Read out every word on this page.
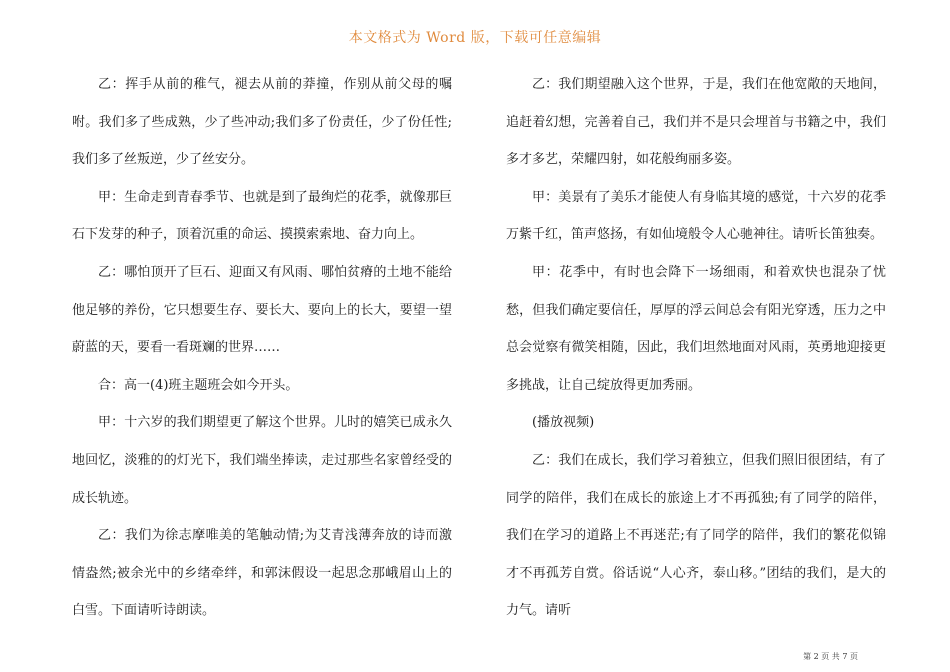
本文格式为 Word 版，下载可任意编辑

乙：挥手从前的稚气，褪去从前的莽撞，作别从前父母的嘱咐。我们多了些成熟，少了些冲动;我们多了份责任，少了份任性;我们多了丝叛逆，少了丝安分。

甲：生命走到青春季节、也就是到了最绚烂的花季，就像那巨石下发芽的种子，顶着沉重的命运、摸摸索索地、奋力向上。

乙：哪怕顶开了巨石、迎面又有风雨、哪怕贫瘠的土地不能给他足够的养份，它只想要生存、要长大、要向上的长大，要望一望蔚蓝的天，要看一看斑斓的世界……

合：高一(4)班主题班会如今开头。

甲：十六岁的我们期望更了解这个世界。儿时的嬉笑已成永久地回忆，淡雅的的灯光下，我们端坐捧读，走过那些名家曾经受的成长轨迹。

乙：我们为徐志摩唯美的笔触动情;为艾青浅薄奔放的诗而激情盎然;被余光中的乡绪牵绊，和郭沫假设一起思念那峨眉山上的白雪。下面请听诗朗读。

乙：我们期望融入这个世界，于是，我们在他宽敞的天地间，追赶着幻想，完善着自己，我们并不是只会埋首与书籍之中，我们多才多艺，荣耀四射，如花般绚丽多姿。

甲：美景有了美乐才能使人有身临其境的感觉，十六岁的花季万紫千红，笛声悠扬，有如仙境般令人心驰神往。请听长笛独奏。

甲：花季中，有时也会降下一场细雨，和着欢快也混杂了忧愁，但我们确定要信任，厚厚的浮云间总会有阳光穿透，压力之中总会觉察有微笑相随，因此，我们坦然地面对风雨，英勇地迎接更多挑战，让自己绽放得更加秀丽。

(播放视频)

乙：我们在成长，我们学习着独立，但我们照旧很团结，有了同学的陪伴，我们在成长的旅途上才不再孤独;有了同学的陪伴，我们在学习的道路上不再迷茫;有了同学的陪伴，我们的繁花似锦才不再孤芳自赏。俗话说“人心齐，泰山移。”团结的我们，是大的力气。请听

第 2 页 共 7 页
